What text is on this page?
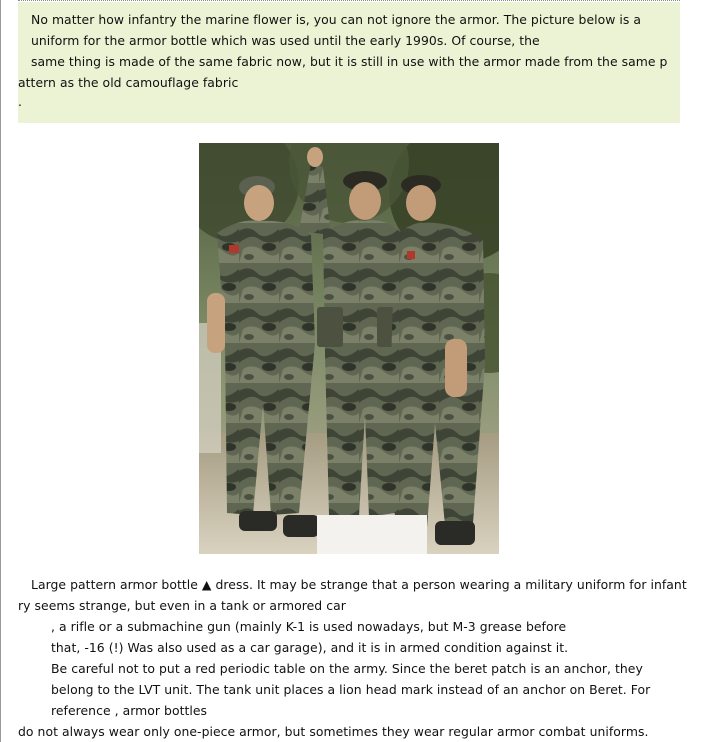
No matter how infantry the marine flower is, you can not ignore the armor. The picture below is a
uniform for the armor bottle which was used until the early 1990s. Of course, the
same thing is made of the same fabric now, but it is still in use with the armor made from the same p
attern as the old camouflage fabric
.
Large pattern armor bottle ▲ dress. It may be strange that a person wearing a military uniform for infant
ry seems strange, but even in a tank or armored car
, a rifle or a submachine gun (mainly K-1 is used nowadays, but M-3 grease before
that, -16 (!) Was also used as a car garage), and it is in armed condition against it.
Be careful not to put a red periodic table on the army. Since the beret patch is an anchor, they
belong to the LVT unit. The tank unit places a lion head mark instead of an anchor on Beret. For
reference , armor bottles
do not always wear only one-piece armor, but sometimes they wear regular armor combat uniforms.
